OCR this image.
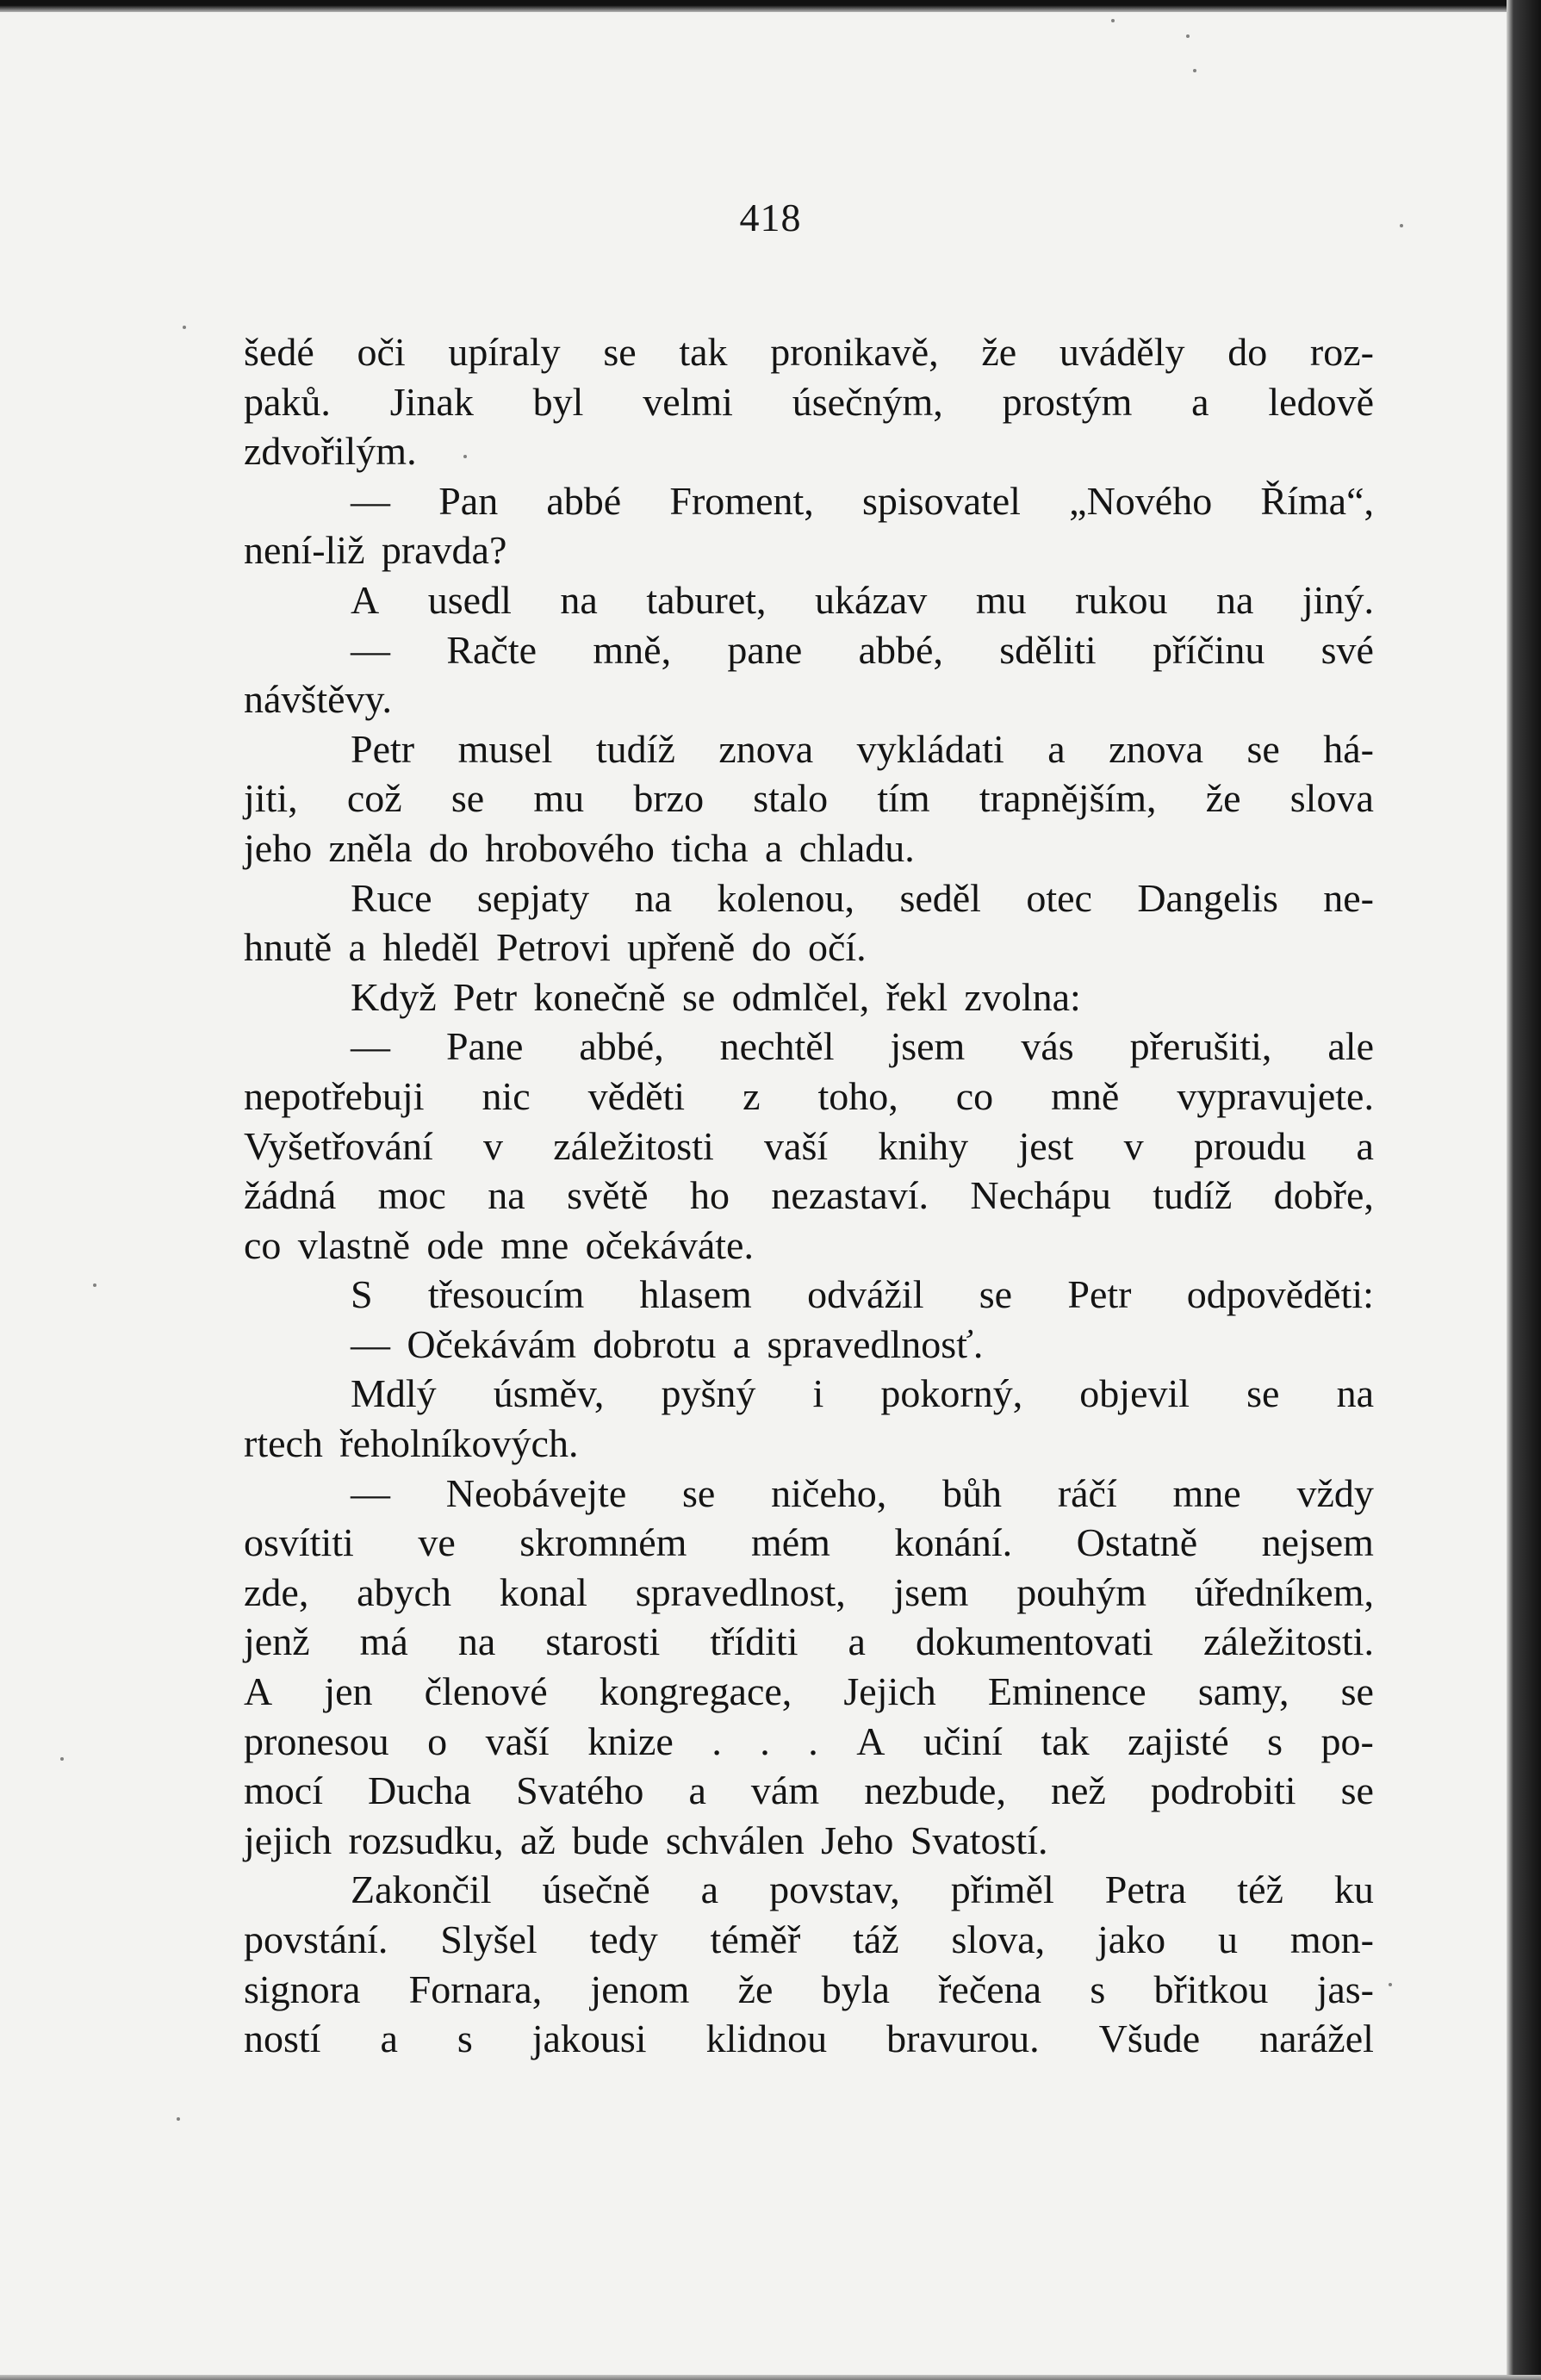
418
šedé oči upíraly se tak pronikavě, že uváděly do roz-
paků. Jinak byl velmi úsečným, prostým a ledově
zdvořilým.
— Pan abbé Froment, spisovatel „Nového Říma“,
není-liž pravda?
A usedl na taburet, ukázav mu rukou na jiný.
— Račte mně, pane abbé, sděliti příčinu své
návštěvy.
Petr musel tudíž znova vykládati a znova se há-
jiti, což se mu brzo stalo tím trapnějším, že slova
jeho zněla do hrobového ticha a chladu.
Ruce sepjaty na kolenou, seděl otec Dangelis ne-
hnutě a hleděl Petrovi upřeně do očí.
Když Petr konečně se odmlčel, řekl zvolna:
— Pane abbé, nechtěl jsem vás přerušiti, ale
nepotřebuji nic věděti z toho, co mně vypravujete.
Vyšetřování v záležitosti vaší knihy jest v proudu a
žádná moc na světě ho nezastaví. Nechápu tudíž dobře,
co vlastně ode mne očekáváte.
S třesoucím hlasem odvážil se Petr odpověděti:
— Očekávám dobrotu a spravedlnosť.
Mdlý úsměv, pyšný i pokorný, objevil se na
rtech řeholníkových.
— Neobávejte se ničeho, bůh ráčí mne vždy
osvítiti ve skromném mém konání. Ostatně nejsem
zde, abych konal spravedlnost, jsem pouhým úředníkem,
jenž má na starosti tříditi a dokumentovati záležitosti.
A jen členové kongregace, Jejich Eminence samy, se
pronesou o vaší knize . . . A učiní tak zajisté s po-
mocí Ducha Svatého a vám nezbude, než podrobiti se
jejich rozsudku, až bude schválen Jeho Svatostí.
Zakončil úsečně a povstav, přiměl Petra též ku
povstání. Slyšel tedy téměř táž slova, jako u mon-
signora Fornara, jenom že byla řečena s břitkou jas-
ností a s jakousi klidnou bravurou. Všude narážel
